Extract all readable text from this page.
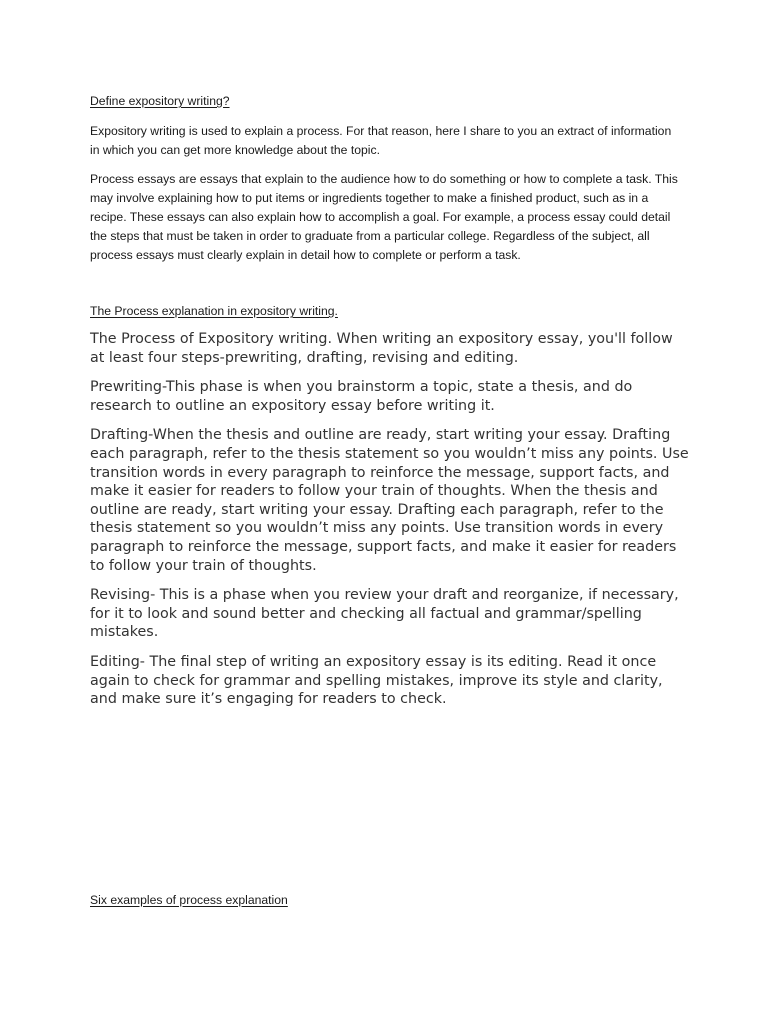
Define expository writing?

Expository writing is used to explain a process. For that reason, here I share to you an extract of information in which you can get more knowledge about the topic.

Process essays are essays that explain to the audience how to do something or how to complete a task. This may involve explaining how to put items or ingredients together to make a finished product, such as in a recipe. These essays can also explain how to accomplish a goal. For example, a process essay could detail the steps that must be taken in order to graduate from a particular college. Regardless of the subject, all process essays must clearly explain in detail how to complete or perform a task.

The Process explanation in expository writing.

The Process of Expository writing. When writing an expository essay, you'll follow at least four steps-prewriting, drafting, revising and editing.

Prewriting-This phase is when you brainstorm a topic, state a thesis, and do research to outline an expository essay before writing it.

Drafting-When the thesis and outline are ready, start writing your essay. Drafting each paragraph, refer to the thesis statement so you wouldn’t miss any points. Use transition words in every paragraph to reinforce the message, support facts, and make it easier for readers to follow your train of thoughts. When the thesis and outline are ready, start writing your essay. Drafting each paragraph, refer to the thesis statement so you wouldn’t miss any points. Use transition words in every paragraph to reinforce the message, support facts, and make it easier for readers to follow your train of thoughts.

Revising- This is a phase when you review your draft and reorganize, if necessary, for it to look and sound better and checking all factual and grammar/spelling mistakes.

Editing- The final step of writing an expository essay is its editing. Read it once again to check for grammar and spelling mistakes, improve its style and clarity, and make sure it’s engaging for readers to check.

Six examples of process explanation
